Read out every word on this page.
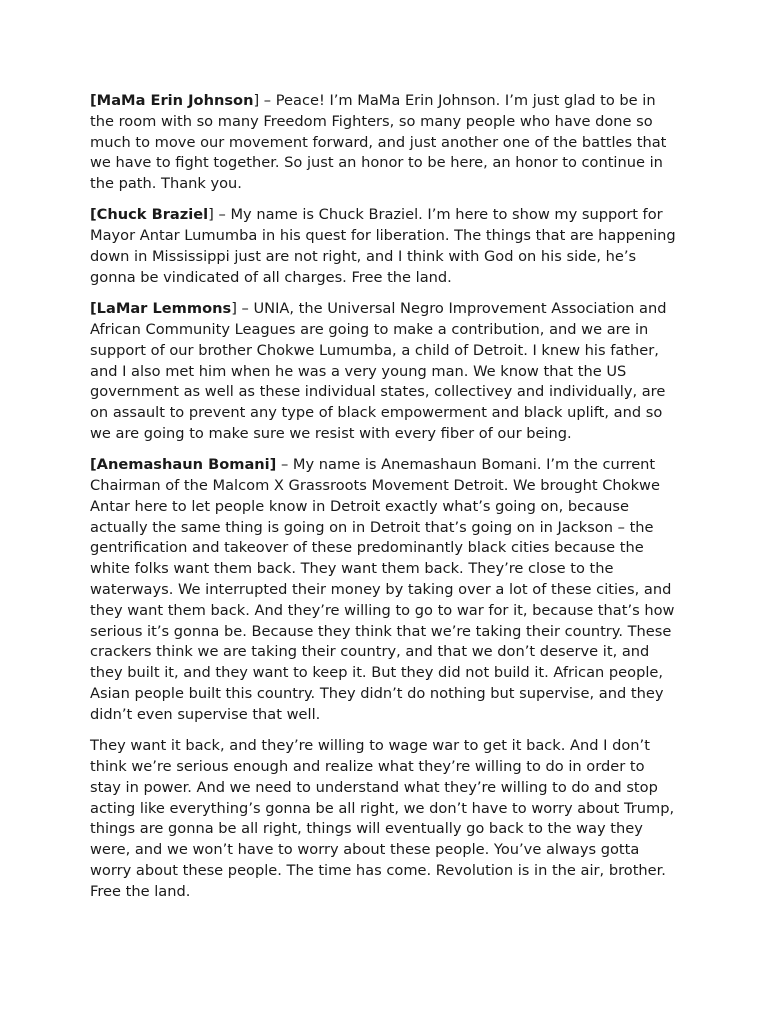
[MaMa Erin Johnson] – Peace! I’m MaMa Erin Johnson. I’m just glad to be in the room with so many Freedom Fighters, so many people who have done so much to move our movement forward, and just another one of the battles that we have to fight together. So just an honor to be here, an honor to continue in the path. Thank you.

[Chuck Braziel] – My name is Chuck Braziel. I’m here to show my support for Mayor Antar Lumumba in his quest for liberation. The things that are happening down in Mississippi just are not right, and I think with God on his side, he’s gonna be vindicated of all charges. Free the land.

[LaMar Lemmons] – UNIA, the Universal Negro Improvement Association and African Community Leagues are going to make a contribution, and we are in support of our brother Chokwe Lumumba, a child of Detroit. I knew his father, and I also met him when he was a very young man. We know that the US government as well as these individual states, collectivey and individually, are on assault to prevent any type of black empowerment and black uplift, and so we are going to make sure we resist with every fiber of our being.

[Anemashaun Bomani] – My name is Anemashaun Bomani. I’m the current Chairman of the Malcom X Grassroots Movement Detroit. We brought Chokwe Antar here to let people know in Detroit exactly what’s going on, because actually the same thing is going on in Detroit that’s going on in Jackson – the gentrification and takeover of these predominantly black cities because the white folks want them back. They want them back. They’re close to the waterways. We interrupted their money by taking over a lot of these cities, and they want them back. And they’re willing to go to war for it, because that’s how serious it’s gonna be. Because they think that we’re taking their country. These crackers think we are taking their country, and that we don’t deserve it, and they built it, and they want to keep it. But they did not build it. African people, Asian people built this country. They didn’t do nothing but supervise, and they didn’t even supervise that well.

They want it back, and they’re willing to wage war to get it back. And I don’t think we’re serious enough and realize what they’re willing to do in order to stay in power. And we need to understand what they’re willing to do and stop acting like everything’s gonna be all right, we don’t have to worry about Trump, things are gonna be all right, things will eventually go back to the way they were, and we won’t have to worry about these people. You’ve always gotta worry about these people. The time has come. Revolution is in the air, brother. Free the land.
